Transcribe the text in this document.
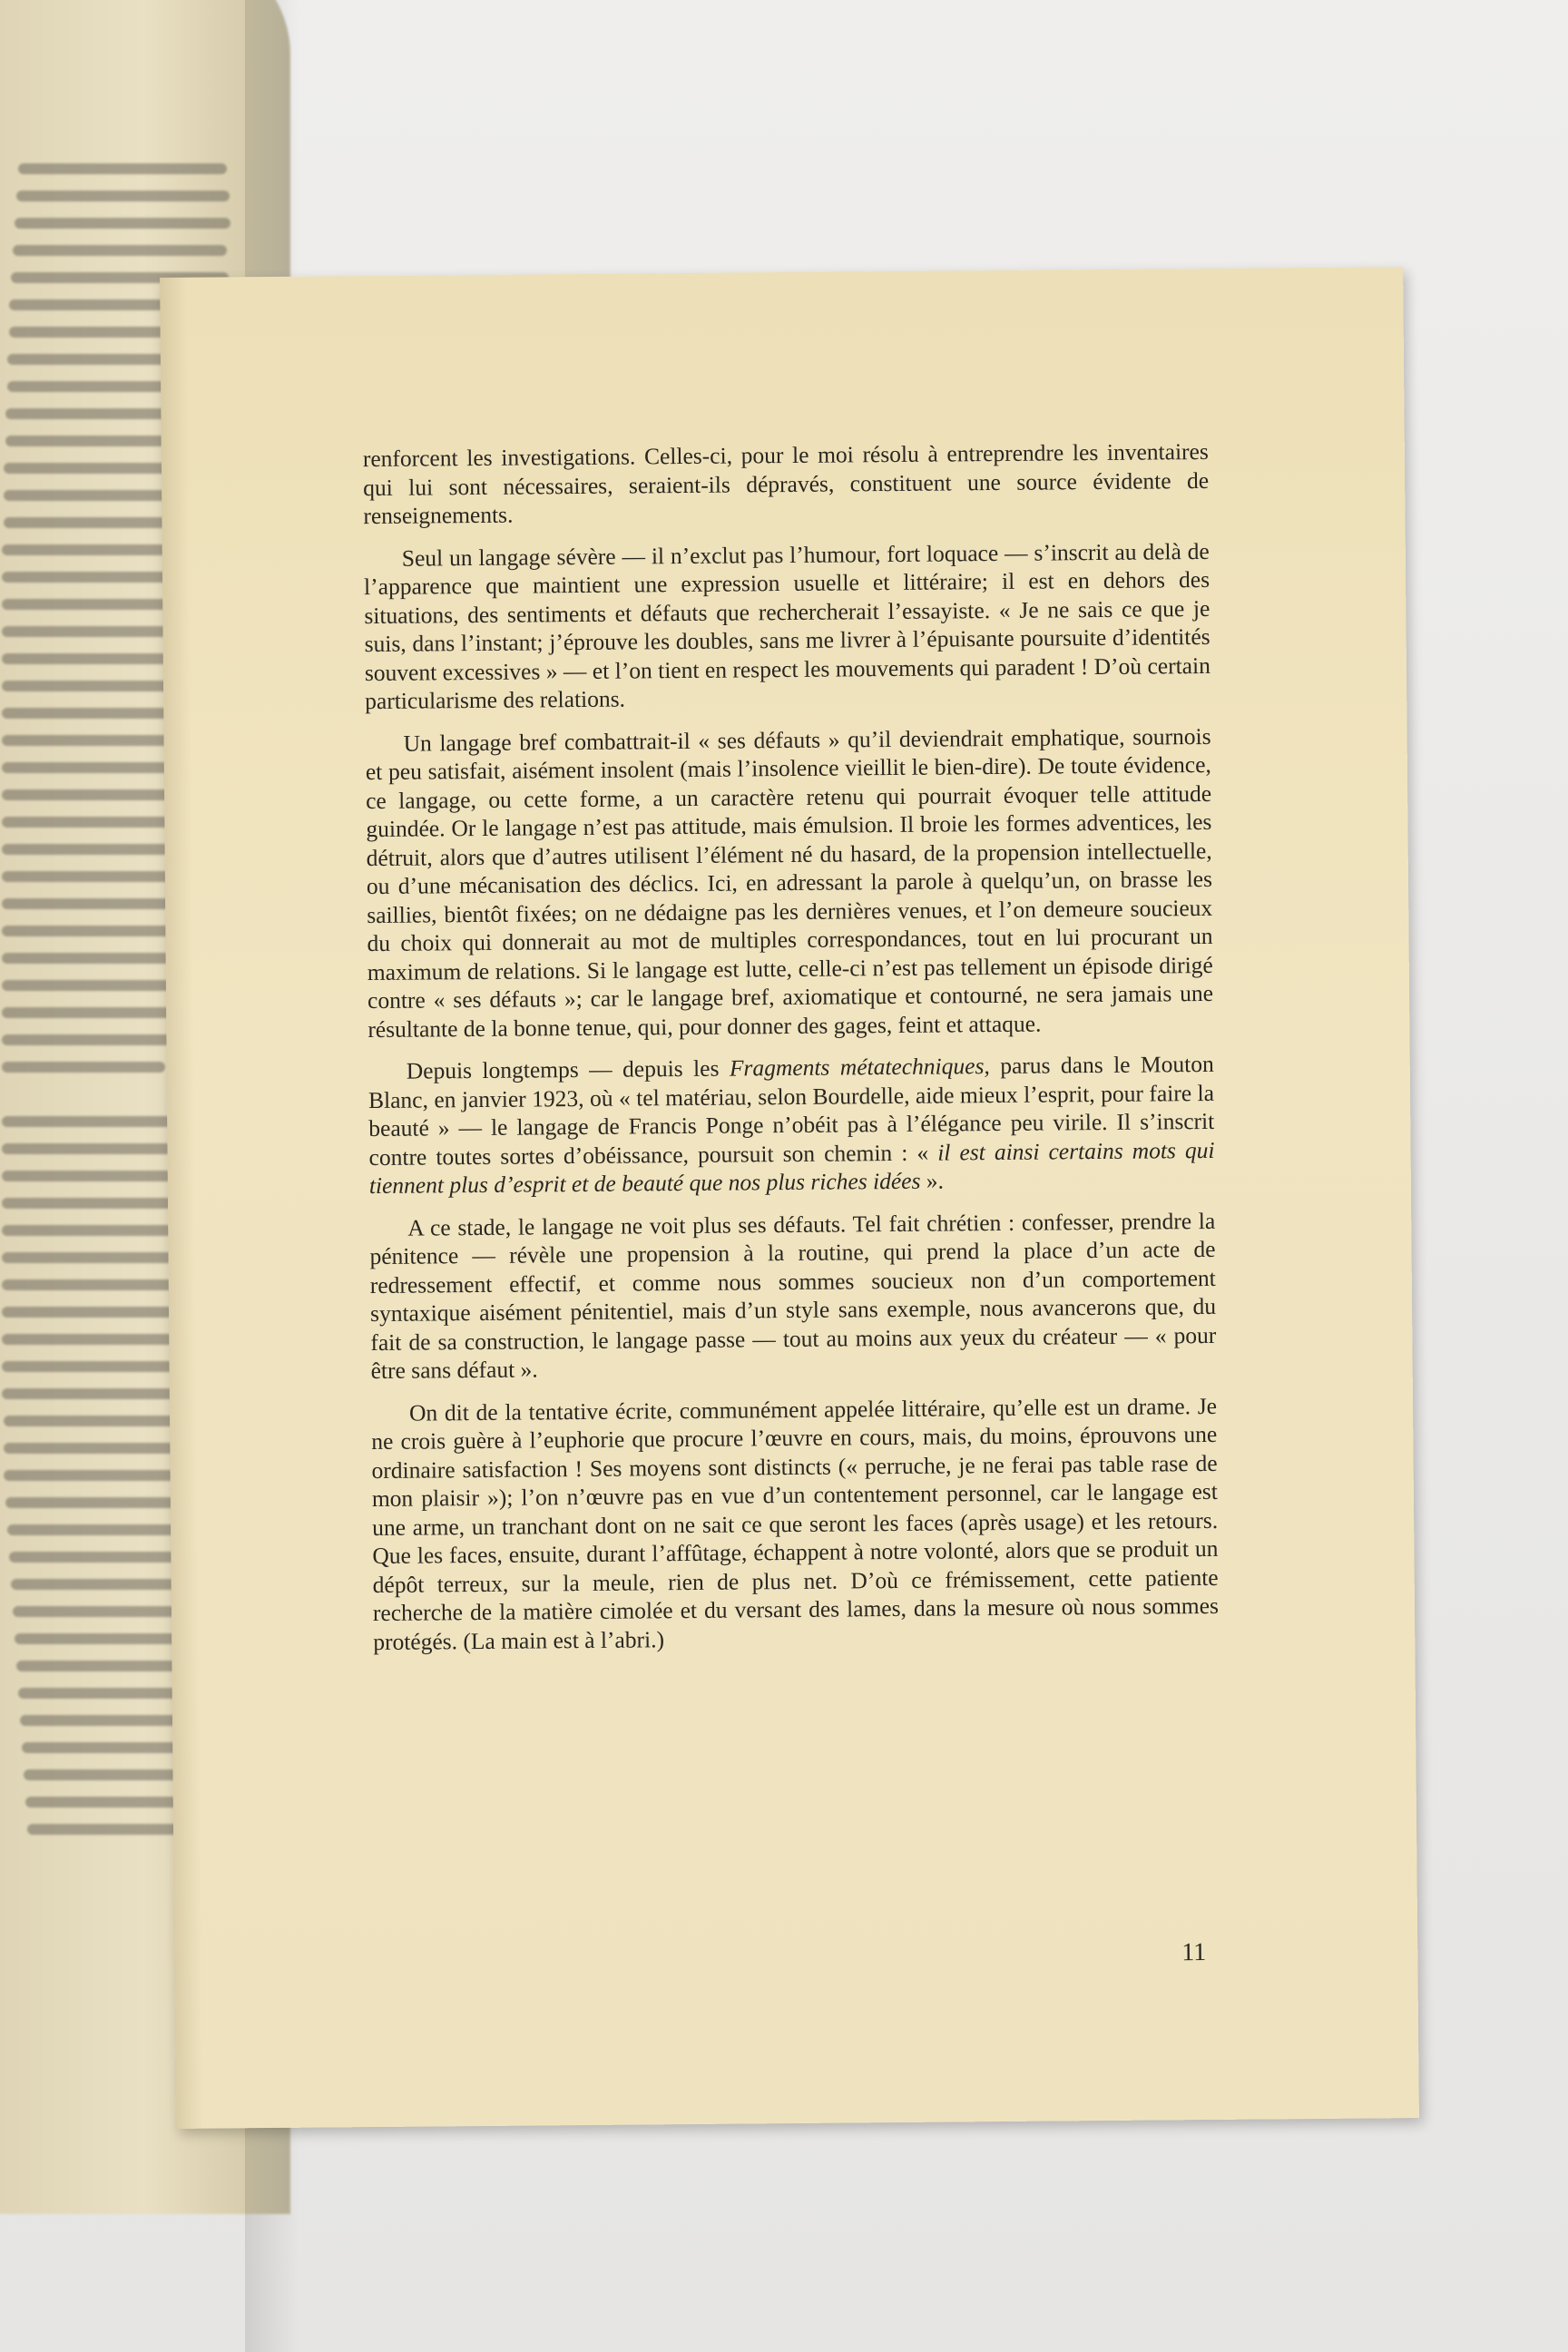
renforcent les investigations. Celles-ci, pour le moi résolu à entreprendre les inventaires qui lui sont nécessaires, seraient-ils dépravés, constituent une source évidente de renseignements.

Seul un langage sévère — il n’exclut pas l’humour, fort loquace — s’inscrit au delà de l’apparence que maintient une expression usuelle et littéraire; il est en dehors des situations, des sentiments et défauts que rechercherait l’essayiste. « Je ne sais ce que je suis, dans l’instant; j’éprouve les doubles, sans me livrer à l’épuisante poursuite d’identités souvent excessives » — et l’on tient en respect les mouvements qui paradent ! D’où certain particularisme des relations.

Un langage bref combattrait-il « ses défauts » qu’il deviendrait emphatique, sournois et peu satisfait, aisément insolent (mais l’insolence vieillit le bien-dire). De toute évidence, ce langage, ou cette forme, a un caractère retenu qui pourrait évoquer telle attitude guindée. Or le langage n’est pas attitude, mais émulsion. Il broie les formes adventices, les détruit, alors que d’autres utilisent l’élément né du hasard, de la propension intellectuelle, ou d’une mécanisation des déclics. Ici, en adressant la parole à quelqu’un, on brasse les saillies, bientôt fixées; on ne dédaigne pas les dernières venues, et l’on demeure soucieux du choix qui donnerait au mot de multiples correspondances, tout en lui procurant un maximum de relations. Si le langage est lutte, celle-ci n’est pas tellement un épisode dirigé contre « ses défauts »; car le langage bref, axiomatique et contourné, ne sera jamais une résultante de la bonne tenue, qui, pour donner des gages, feint et attaque.

Depuis longtemps — depuis les Fragments métatechniques, parus dans le Mouton Blanc, en janvier 1923, où « tel matériau, selon Bourdelle, aide mieux l’esprit, pour faire la beauté » — le langage de Francis Ponge n’obéit pas à l’élégance peu virile. Il s’inscrit contre toutes sortes d’obéissance, poursuit son chemin : « il est ainsi certains mots qui tiennent plus d’esprit et de beauté que nos plus riches idées ».

A ce stade, le langage ne voit plus ses défauts. Tel fait chrétien : confesser, prendre la pénitence — révèle une propension à la routine, qui prend la place d’un acte de redressement effectif, et comme nous sommes soucieux non d’un comportement syntaxique aisément pénitentiel, mais d’un style sans exemple, nous avancerons que, du fait de sa construction, le langage passe — tout au moins aux yeux du créateur — « pour être sans défaut ».

On dit de la tentative écrite, communément appelée littéraire, qu’elle est un drame. Je ne crois guère à l’euphorie que procure l’œuvre en cours, mais, du moins, éprouvons une ordinaire satisfaction ! Ses moyens sont distincts (« perruche, je ne ferai pas table rase de mon plaisir »); l’on n’œuvre pas en vue d’un contentement personnel, car le langage est une arme, un tranchant dont on ne sait ce que seront les faces (après usage) et les retours. Que les faces, ensuite, durant l’affûtage, échappent à notre volonté, alors que se produit un dépôt terreux, sur la meule, rien de plus net. D’où ce frémissement, cette patiente recherche de la matière cimolée et du versant des lames, dans la mesure où nous sommes protégés. (La main est à l’abri.)

11
